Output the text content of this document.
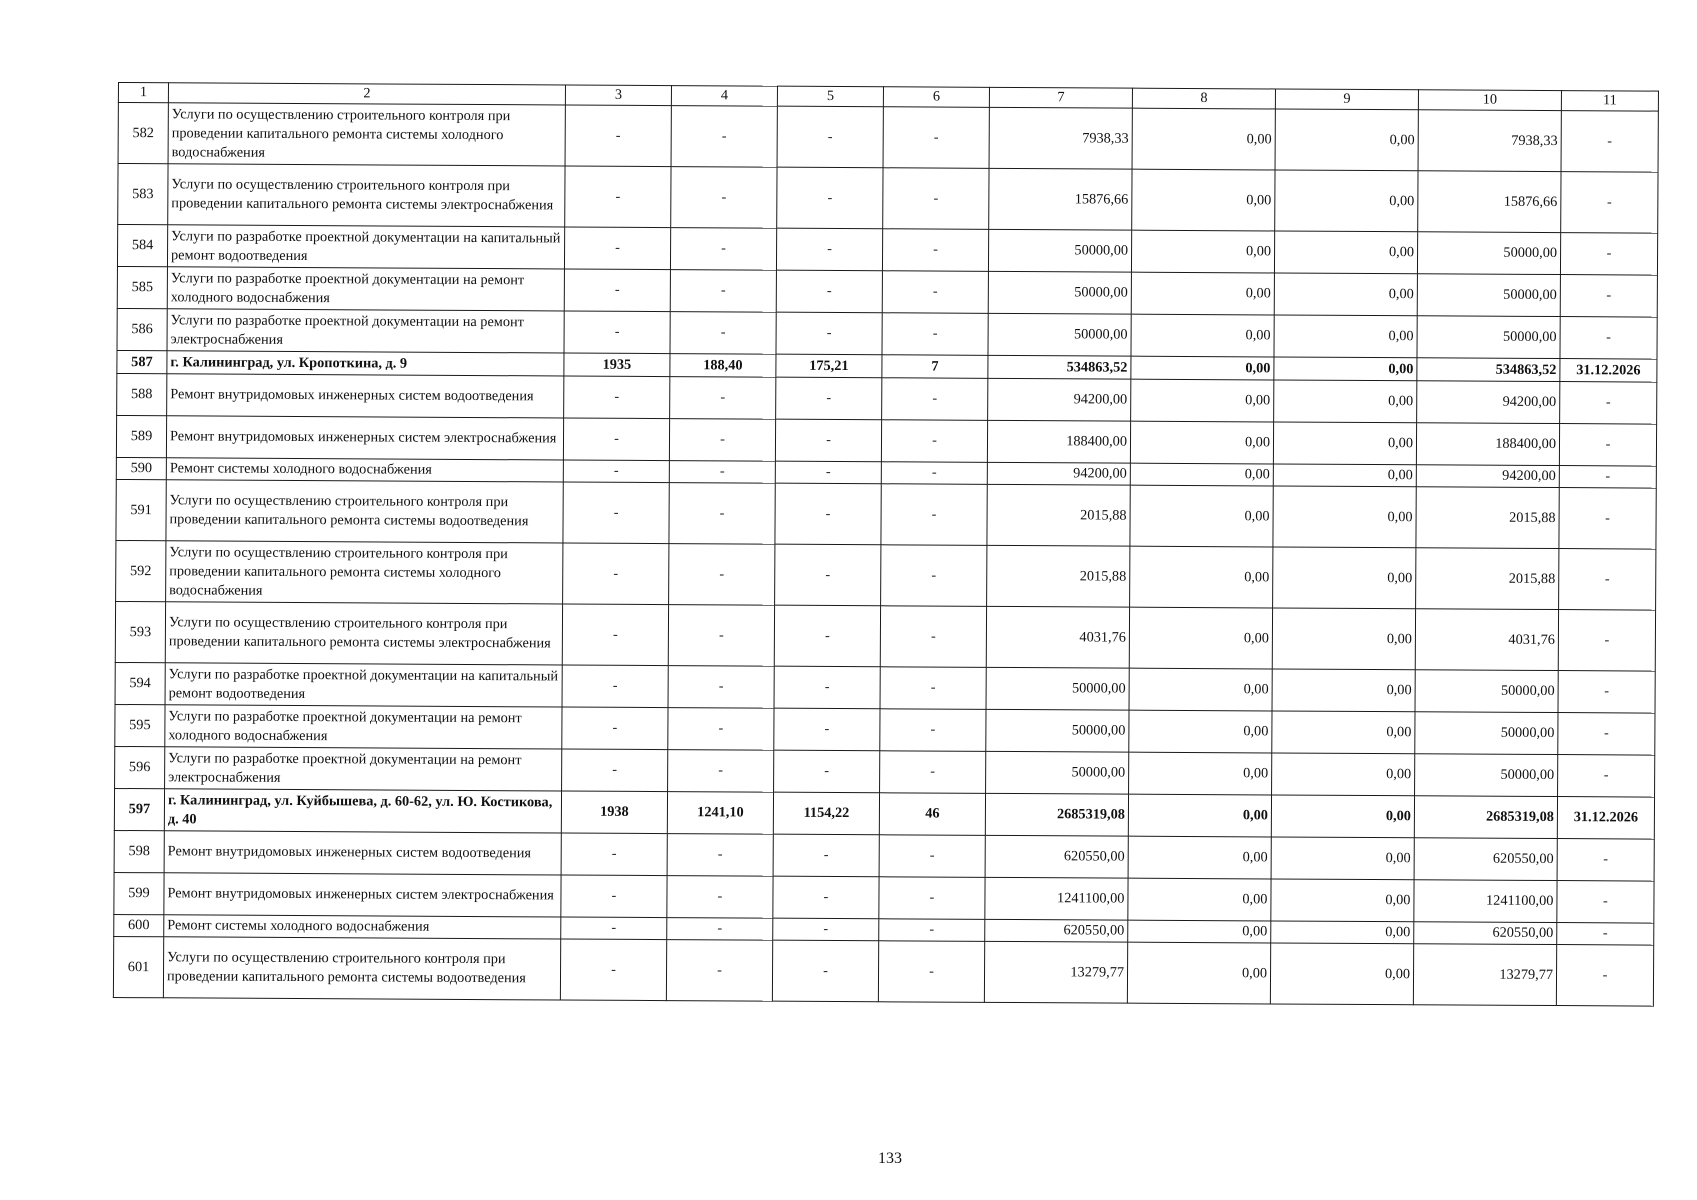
1	2	3	4	5	6	7	8	9	10	11
582	Услуги по осуществлению строительного контроля при проведении капитального ремонта системы холодного водоснабжения	-	-	-	-	7938,33	0,00	0,00	7938,33	-
583	Услуги по осуществлению строительного контроля при проведении капитального ремонта системы электроснабжения	-	-	-	-	15876,66	0,00	0,00	15876,66	-
584	Услуги по разработке проектной документации на капитальный ремонт водоотведения	-	-	-	-	50000,00	0,00	0,00	50000,00	-
585	Услуги по разработке проектной документации на ремонт холодного водоснабжения	-	-	-	-	50000,00	0,00	0,00	50000,00	-
586	Услуги по разработке проектной документации на ремонт электроснабжения	-	-	-	-	50000,00	0,00	0,00	50000,00	-
587	г. Калининград, ул. Кропоткина, д. 9	1935	188,40	175,21	7	534863,52	0,00	0,00	534863,52	31.12.2026
588	Ремонт внутридомовых инженерных систем водоотведения	-	-	-	-	94200,00	0,00	0,00	94200,00	-
589	Ремонт внутридомовых инженерных систем электроснабжения	-	-	-	-	188400,00	0,00	0,00	188400,00	-
590	Ремонт системы холодного водоснабжения	-	-	-	-	94200,00	0,00	0,00	94200,00	-
591	Услуги по осуществлению строительного контроля при проведении капитального ремонта системы водоотведения	-	-	-	-	2015,88	0,00	0,00	2015,88	-
592	Услуги по осуществлению строительного контроля при проведении капитального ремонта системы холодного водоснабжения	-	-	-	-	2015,88	0,00	0,00	2015,88	-
593	Услуги по осуществлению строительного контроля при проведении капитального ремонта системы электроснабжения	-	-	-	-	4031,76	0,00	0,00	4031,76	-
594	Услуги по разработке проектной документации на капитальный ремонт водоотведения	-	-	-	-	50000,00	0,00	0,00	50000,00	-
595	Услуги по разработке проектной документации на ремонт холодного водоснабжения	-	-	-	-	50000,00	0,00	0,00	50000,00	-
596	Услуги по разработке проектной документации на ремонт электроснабжения	-	-	-	-	50000,00	0,00	0,00	50000,00	-
597	г. Калининград, ул. Куйбышева, д. 60-62, ул. Ю. Костикова, д. 40	1938	1241,10	1154,22	46	2685319,08	0,00	0,00	2685319,08	31.12.2026
598	Ремонт внутридомовых инженерных систем водоотведения	-	-	-	-	620550,00	0,00	0,00	620550,00	-
599	Ремонт внутридомовых инженерных систем электроснабжения	-	-	-	-	1241100,00	0,00	0,00	1241100,00	-
600	Ремонт системы холодного водоснабжения	-	-	-	-	620550,00	0,00	0,00	620550,00	-
601	Услуги по осуществлению строительного контроля при проведении капитального ремонта системы водоотведения	-	-	-	-	13279,77	0,00	0,00	13279,77	-
133
